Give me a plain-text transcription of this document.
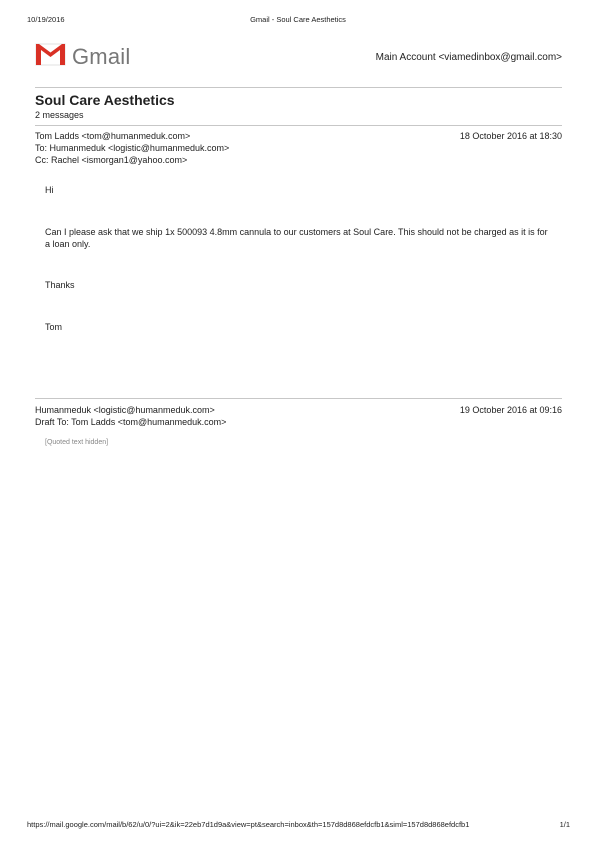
10/19/2016	Gmail - Soul Care Aesthetics
Gmail	Main Account <viamedinbox@gmail.com>
Soul Care Aesthetics
2 messages
Tom Ladds <tom@humanmeduk.com>	18 October 2016 at 18:30
To: Humanmeduk <logistic@humanmeduk.com>
Cc: Rachel <ismorgan1@yahoo.com>
Hi
Can I please ask that we ship 1x 500093 4.8mm cannula to our customers at Soul Care. This should not be charged as it is for a loan only.
Thanks
Tom
Humanmeduk <logistic@humanmeduk.com>	19 October 2016 at 09:16
Draft To: Tom Ladds <tom@humanmeduk.com>
[Quoted text hidden]
https://mail.google.com/mail/b/62/u/0/?ui=2&ik=22eb7d1d9a&view=pt&search=inbox&th=157d8d868efdcfb1&siml=157d8d868efdcfb1	1/1
